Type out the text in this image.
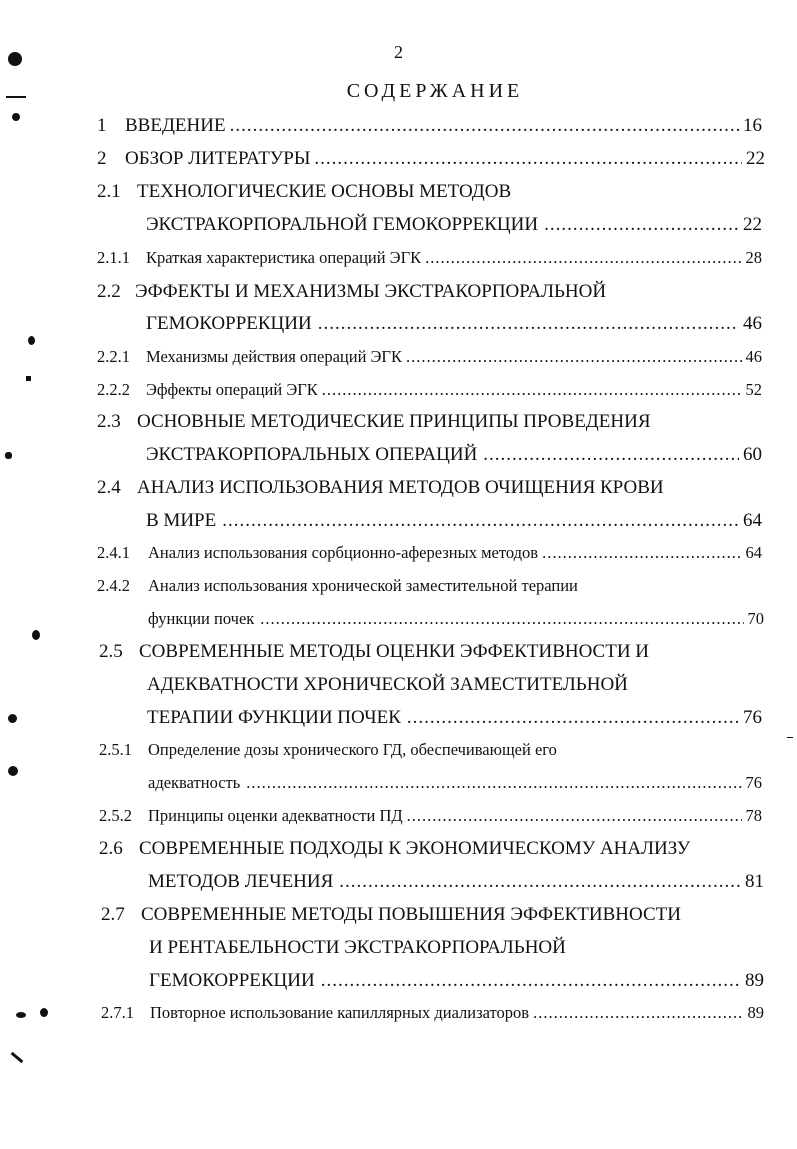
2
СОДЕРЖАНИЕ
1 ВВЕДЕНИЕ .....	16
2 ОБЗОР ЛИТЕРАТУРЫ .....	22
2.1 ТЕХНОЛОГИЧЕСКИЕ ОСНОВЫ МЕТОДОВ
ЭКСТРАКОРПОРАЛЬНОЙ ГЕМОКОРРЕКЦИИ .....	22
2.1.1 Краткая характеристика операций ЭГК .....	28
2.2 ЭФФЕКТЫ И МЕХАНИЗМЫ ЭКСТРАКОРПОРАЛЬНОЙ
ГЕМОКОРРЕКЦИИ .....	46
2.2.1 Механизмы действия операций ЭГК .....	46
2.2.2 Эффекты операций ЭГК .....	52
2.3 ОСНОВНЫЕ МЕТОДИЧЕСКИЕ ПРИНЦИПЫ ПРОВЕДЕНИЯ
ЭКСТРАКОРПОРАЛЬНЫХ ОПЕРАЦИЙ .....	60
2.4 АНАЛИЗ ИСПОЛЬЗОВАНИЯ МЕТОДОВ ОЧИЩЕНИЯ КРОВИ
В МИРЕ .....	64
2.4.1	Анализ использования сорбционно-аферезных методов .....	64
2.4.2	Анализ использования хронической заместительной терапии
функции почек .....	70
2.5 СОВРЕМЕННЫЕ МЕТОДЫ ОЦЕНКИ ЭФФЕКТИВНОСТИ И
АДЕКВАТНОСТИ ХРОНИЧЕСКОЙ ЗАМЕСТИТЕЛЬНОЙ
ТЕРАПИИ ФУНКЦИИ ПОЧЕК .....	76
2.5.1 Определение дозы хронического ГД, обеспечивающей его
адекватность .....	76
2.5.2 Принципы оценки адекватности ПД .....	78
2.6 СОВРЕМЕННЫЕ ПОДХОДЫ К ЭКОНОМИЧЕСКОМУ АНАЛИЗУ
МЕТОДОВ ЛЕЧЕНИЯ .....	81
2.7 СОВРЕМЕННЫЕ МЕТОДЫ ПОВЫШЕНИЯ ЭФФЕКТИВНОСТИ
И РЕНТАБЕЛЬНОСТИ ЭКСТРАКОРПОРАЛЬНОЙ
ГЕМОКОРРЕКЦИИ .....	89
2.7.1 Повторное использование капиллярных диализаторов .....	89
